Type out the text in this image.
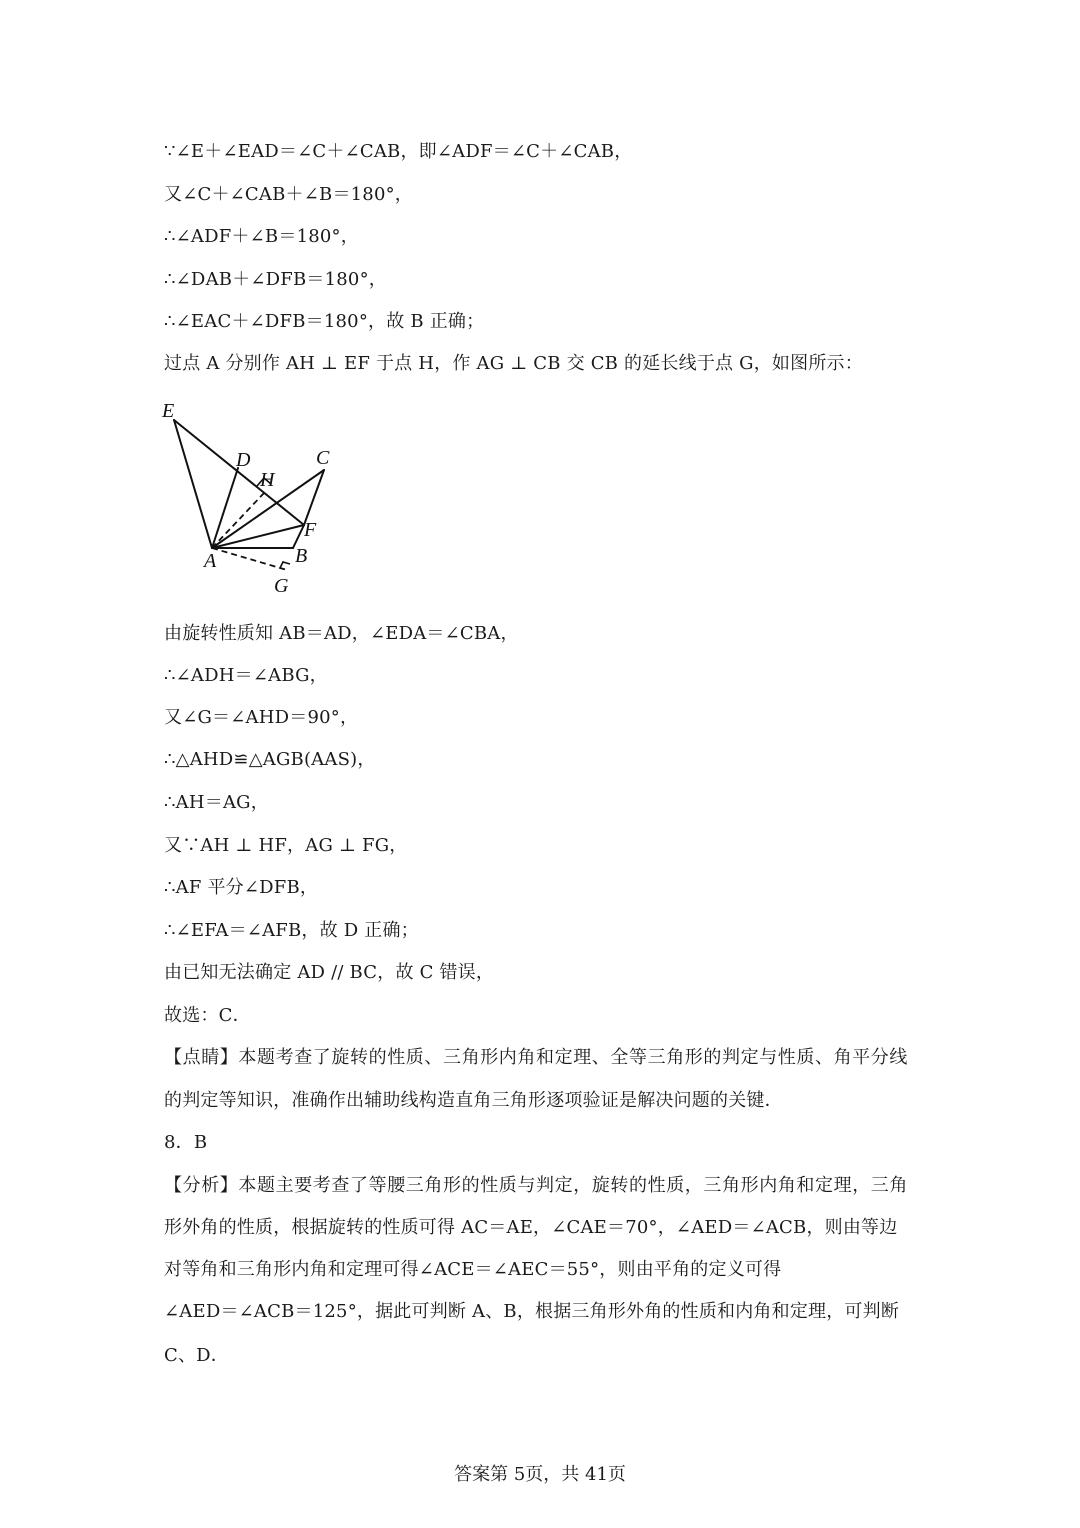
∵∠E＋∠EAD＝∠C＋∠CAB，即∠ADF＝∠C＋∠CAB，

又∠C＋∠CAB＋∠B＝180°，

∴∠ADF＋∠B＝180°，

∴∠DAB＋∠DFB＝180°，

∴∠EAC＋∠DFB＝180°，故 B 正确；

过点 A 分别作 AH ⊥ EF 于点 H，作 AG ⊥ CB 交 CB 的延长线于点 G，如图所示：

E
D
H
C
F
A	B
G

由旋转性质知 AB＝AD，∠EDA＝∠CBA，

∴∠ADH＝∠ABG，

又∠G＝∠AHD＝90°，

∴△AHD≌△AGB(AAS)，

∴AH＝AG，

又∵AH ⊥ HF，AG ⊥ FG，

∴AF 平分∠DFB，

∴∠EFA＝∠AFB，故 D 正确；

由已知无法确定 AD // BC，故 C 错误，

故选：C．

【点睛】本题考查了旋转的性质、三角形内角和定理、全等三角形的判定与性质、角平分线

的判定等知识，准确作出辅助线构造直角三角形逐项验证是解决问题的关键．

8．B

【分析】本题主要考查了等腰三角形的性质与判定，旋转的性质，三角形内角和定理，三角

形外角的性质，根据旋转的性质可得 AC＝AE，∠CAE＝70°，∠AED＝∠ACB，则由等边

对等角和三角形内角和定理可得∠ACE＝∠AEC＝55°，则由平角的定义可得

∠AED＝∠ACB＝125°，据此可判断 A、B，根据三角形外角的性质和内角和定理，可判断

C、D．

答案第 5页，共 41页
